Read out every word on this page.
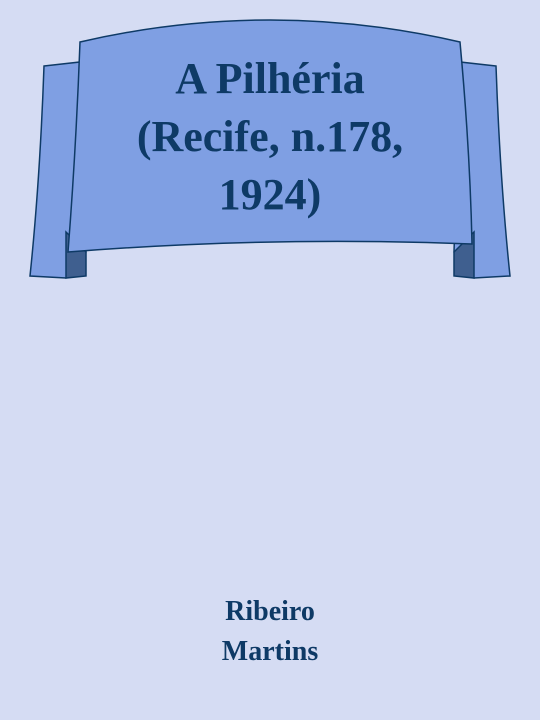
A Pilhéria
(Recife, n.178,
1924)
Ribeiro
Martins
